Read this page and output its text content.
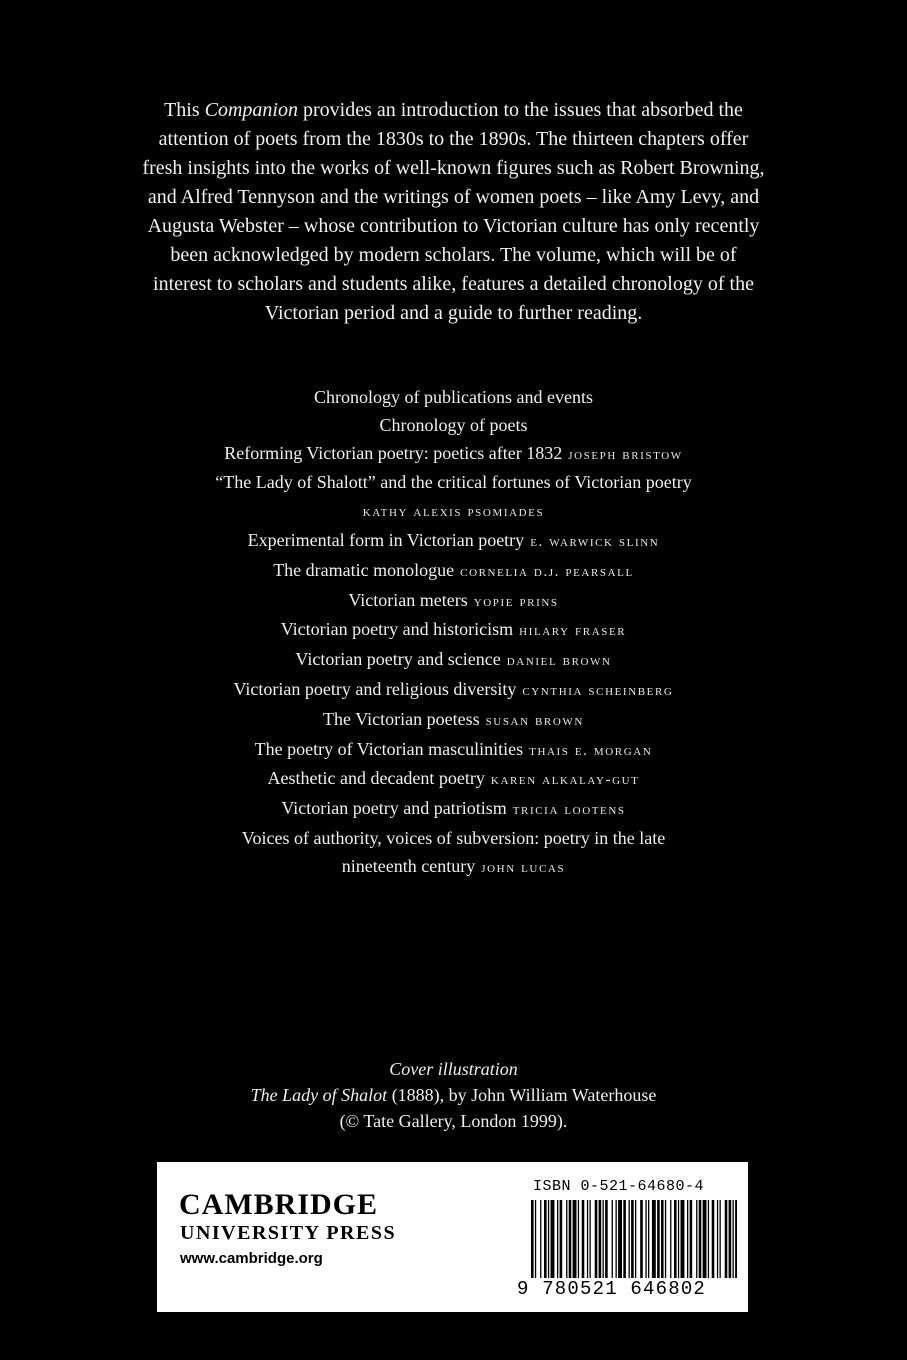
This Companion provides an introduction to the issues that absorbed the attention of poets from the 1830s to the 1890s. The thirteen chapters offer fresh insights into the works of well-known figures such as Robert Browning, and Alfred Tennyson and the writings of women poets – like Amy Levy, and Augusta Webster – whose contribution to Victorian culture has only recently been acknowledged by modern scholars. The volume, which will be of interest to scholars and students alike, features a detailed chronology of the Victorian period and a guide to further reading.
Chronology of publications and events
Chronology of poets
Reforming Victorian poetry: poetics after 1832 joseph bristow
“The Lady of Shalott” and the critical fortunes of Victorian poetry
kathy alexis psomiades
Experimental form in Victorian poetry e. warwick slinn
The dramatic monologue cornelia d.j. pearsall
Victorian meters yopie prins
Victorian poetry and historicism hilary fraser
Victorian poetry and science daniel brown
Victorian poetry and religious diversity cynthia scheinberg
The Victorian poetess susan brown
The poetry of Victorian masculinities thais e. morgan
Aesthetic and decadent poetry karen alkalay-gut
Victorian poetry and patriotism tricia lootens
Voices of authority, voices of subversion: poetry in the late
nineteenth century john lucas
Cover illustration
The Lady of Shalot (1888), by John William Waterhouse
(© Tate Gallery, London 1999).
CAMBRIDGE
UNIVERSITY PRESS
www.cambridge.org
ISBN 0-521-64680-4
9 780521 646802
